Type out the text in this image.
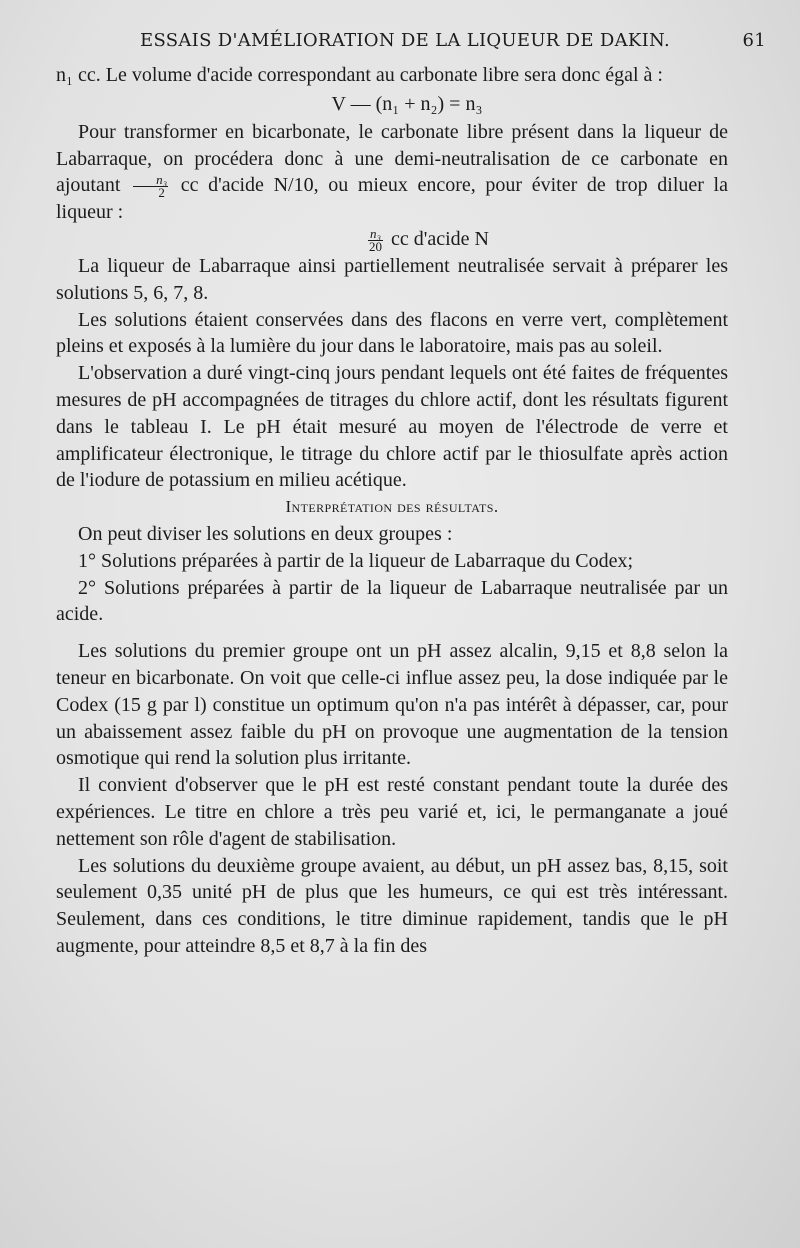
ESSAIS D'AMÉLIORATION DE LA LIQUEUR DE DAKIN.	61

n₁ cc. Le volume d'acide correspondant au carbonate libre sera donc égal à :

V — (n₁ + n₂) = n₃

Pour transformer en bicarbonate, le carbonate libre présent dans la liqueur de Labarraque, on procédera donc à une demi-neutralisation de ce carbonate en ajoutant $\frac{\text{n₃}}{2}$ cc d'acide N/10, ou mieux encore, pour éviter de trop diluer la liqueur :

$\frac{\text{n₃}}{20}$ cc d'acide N

La liqueur de Labarraque ainsi partiellement neutralisée servait à préparer les solutions 5, 6, 7, 8.

Les solutions étaient conservées dans des flacons en verre vert, complètement pleins et exposés à la lumière du jour dans le laboratoire, mais pas au soleil.

L'observation a duré vingt-cinq jours pendant lequels ont été faites de fréquentes mesures de pH accompagnées de titrages du chlore actif, dont les résultats figurent dans le tableau I. Le pH était mesuré au moyen de l'électrode de verre et amplificateur électronique, le titrage du chlore actif par le thiosulfate après action de l'iodure de potassium en milieu acétique.

Interprétation des résultats.

On peut diviser les solutions en deux groupes :

1° Solutions préparées à partir de la liqueur de Labarraque du Codex;

2° Solutions préparées à partir de la liqueur de Labarraque neutralisée par un acide.

Les solutions du premier groupe ont un pH assez alcalin, 9,15 et 8,8 selon la teneur en bicarbonate. On voit que celle-ci influe assez peu, la dose indiquée par le Codex (15 g par l) constitue un optimum qu'on n'a pas intérêt à dépasser, car, pour un abaissement assez faible du pH on provoque une augmentation de la tension osmotique qui rend la solution plus irritante.

Il convient d'observer que le pH est resté constant pendant toute la durée des expériences. Le titre en chlore a très peu varié et, ici, le permanganate a joué nettement son rôle d'agent de stabilisation.

Les solutions du deuxième groupe avaient, au début, un pH assez bas, 8,15, soit seulement 0,35 unité pH de plus que les humeurs, ce qui est très intéressant. Seulement, dans ces conditions, le titre diminue rapidement, tandis que le pH augmente, pour atteindre 8,5 et 8,7 à la fin des
